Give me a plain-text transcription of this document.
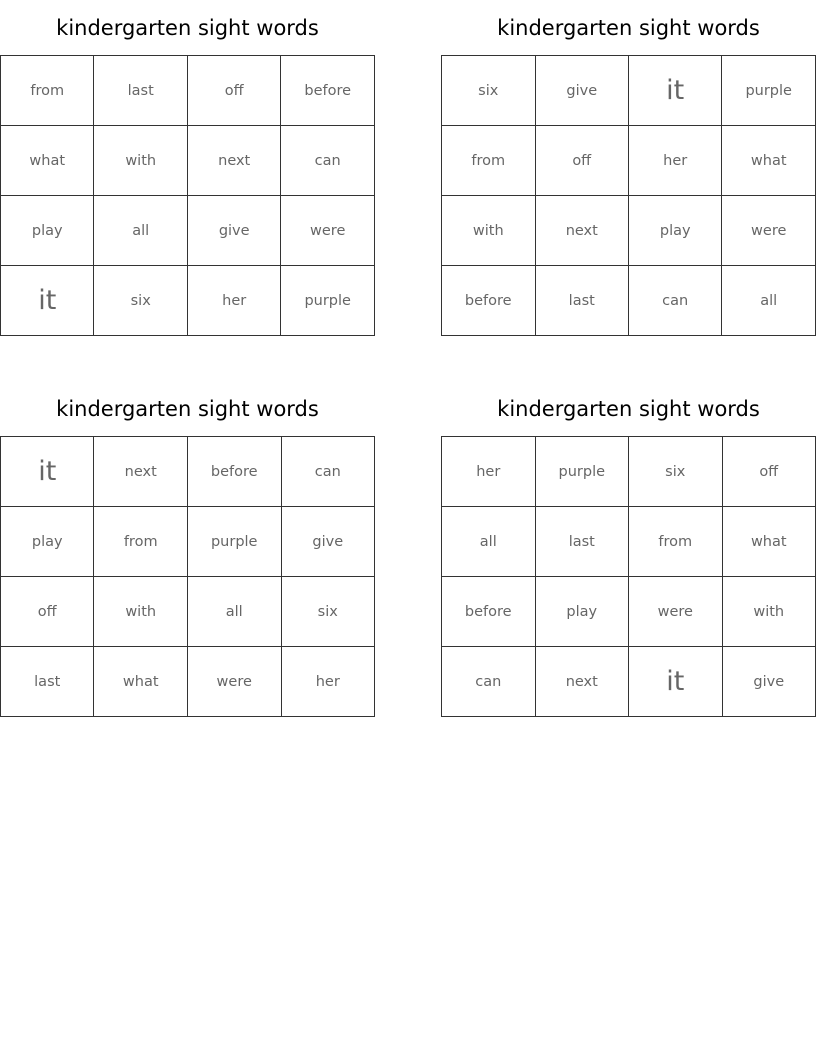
kindergarten sight words
from	last	off	before
what	with	next	can
play	all	give	were
it	six	her	purple
kindergarten sight words
six	give	it	purple
from	off	her	what
with	next	play	were
before	last	can	all
kindergarten sight words
it	next	before	can
play	from	purple	give
off	with	all	six
last	what	were	her
kindergarten sight words
her	purple	six	off
all	last	from	what
before	play	were	with
can	next	it	give
